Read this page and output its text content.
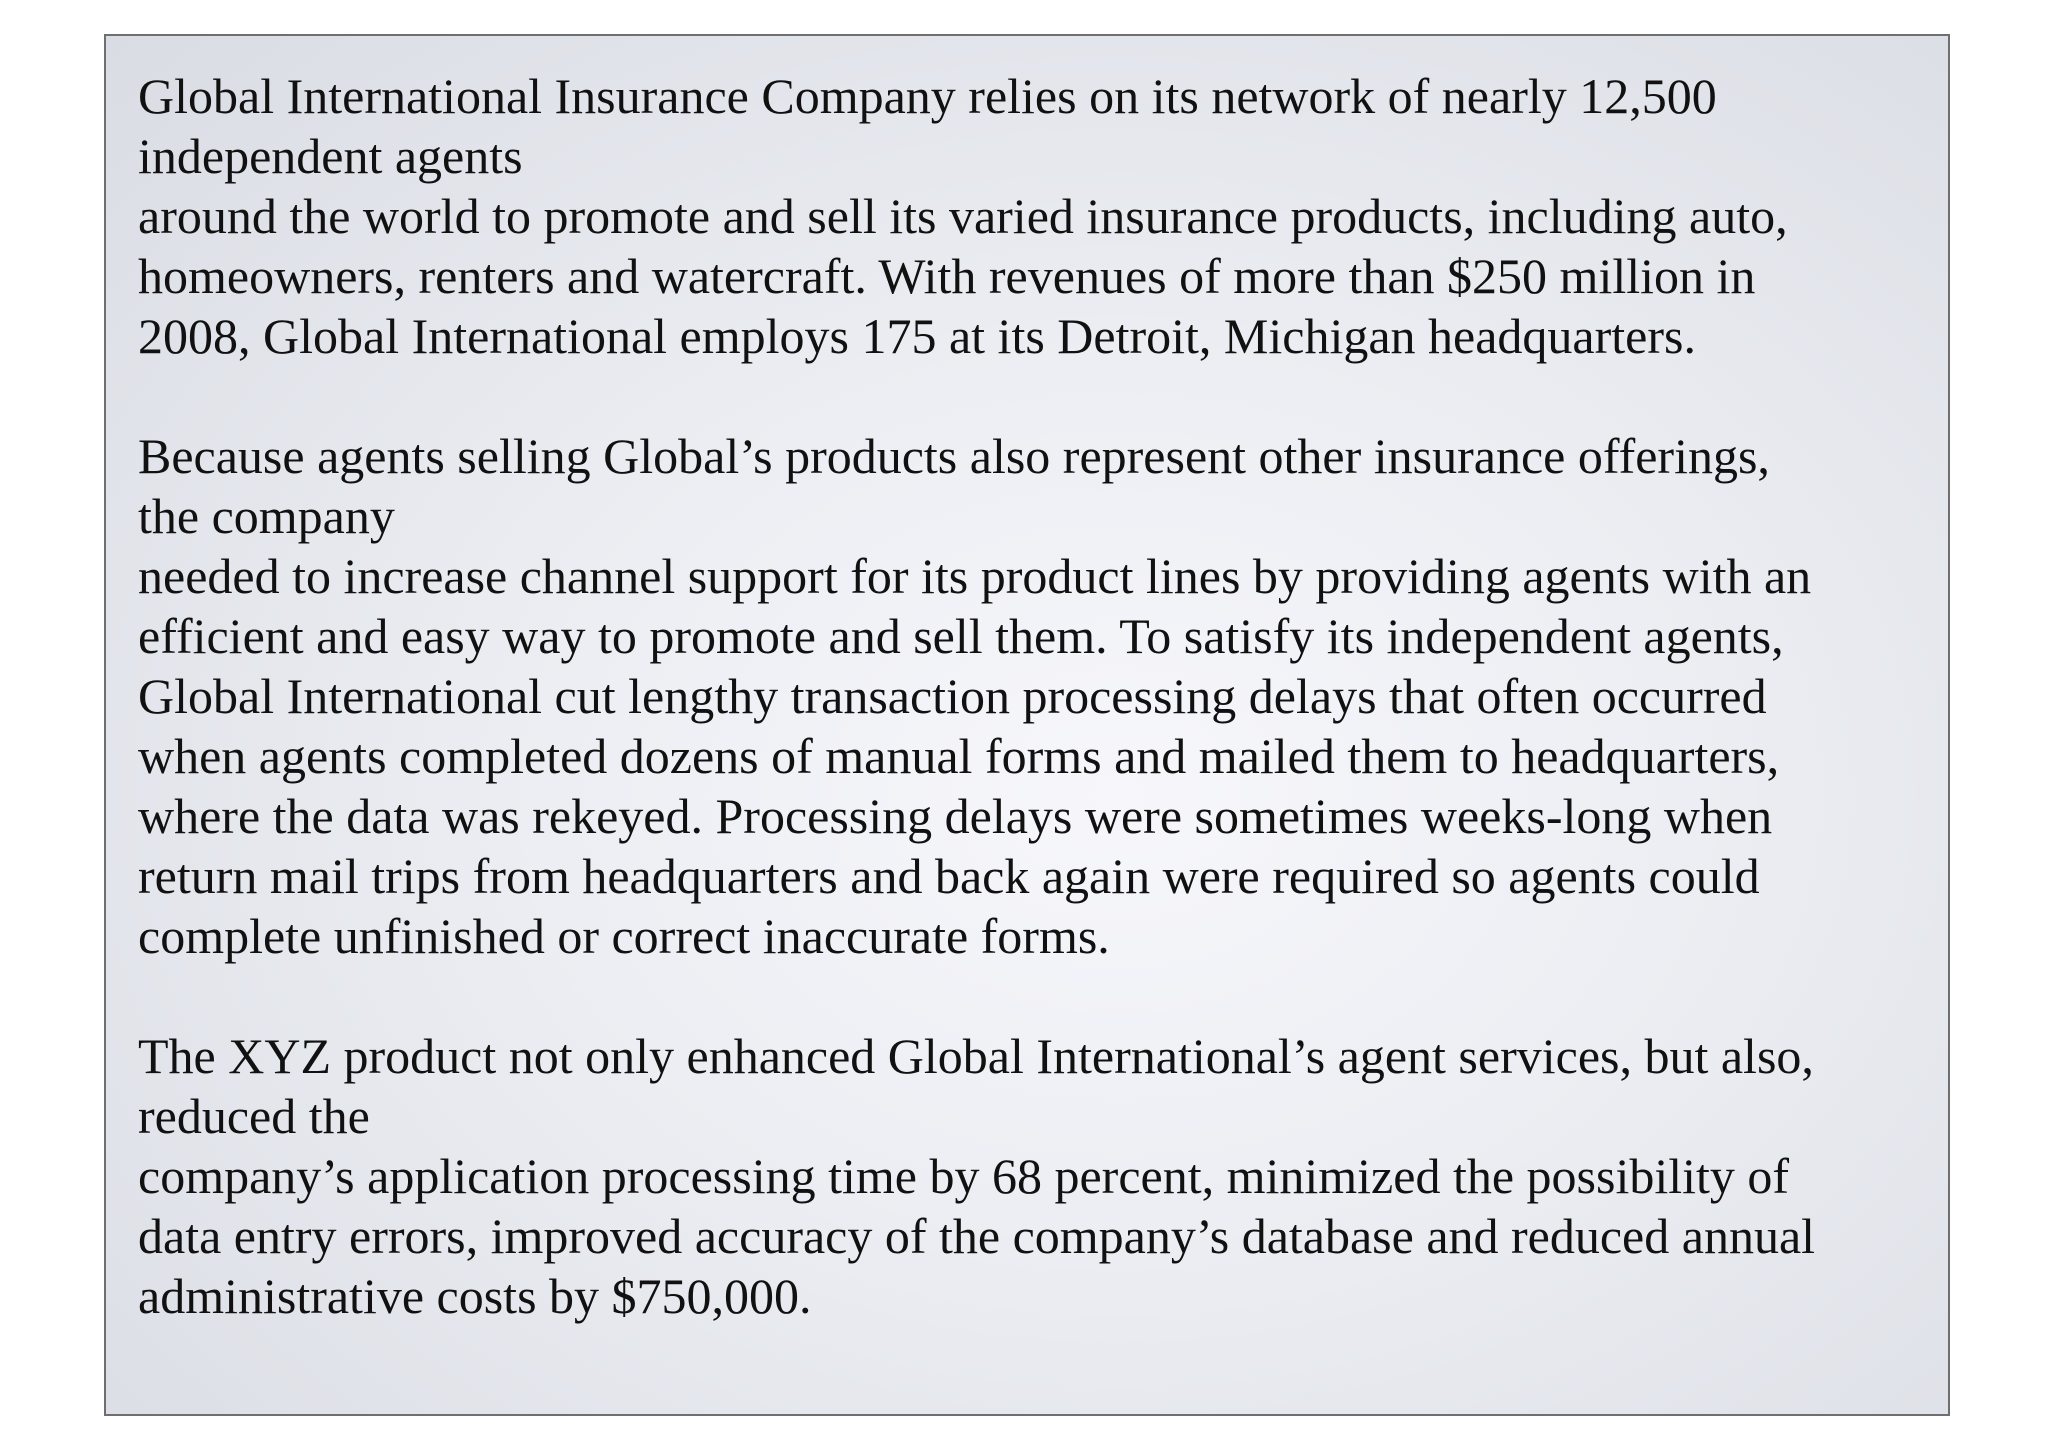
Global International Insurance Company relies on its network of nearly 12,500
independent agents
around the world to promote and sell its varied insurance products, including auto,
homeowners, renters and watercraft. With revenues of more than $250 million in
2008, Global International employs 175 at its Detroit, Michigan headquarters.

Because agents selling Global’s products also represent other insurance offerings,
the company
needed to increase channel support for its product lines by providing agents with an
efficient and easy way to promote and sell them. To satisfy its independent agents,
Global International cut lengthy transaction processing delays that often occurred
when agents completed dozens of manual forms and mailed them to headquarters,
where the data was rekeyed. Processing delays were sometimes weeks-long when
return mail trips from headquarters and back again were required so agents could
complete unfinished or correct inaccurate forms.

The XYZ product not only enhanced Global International’s agent services, but also,
reduced the
company’s application processing time by 68 percent, minimized the possibility of
data entry errors, improved accuracy of the company’s database and reduced annual
administrative costs by $750,000.
